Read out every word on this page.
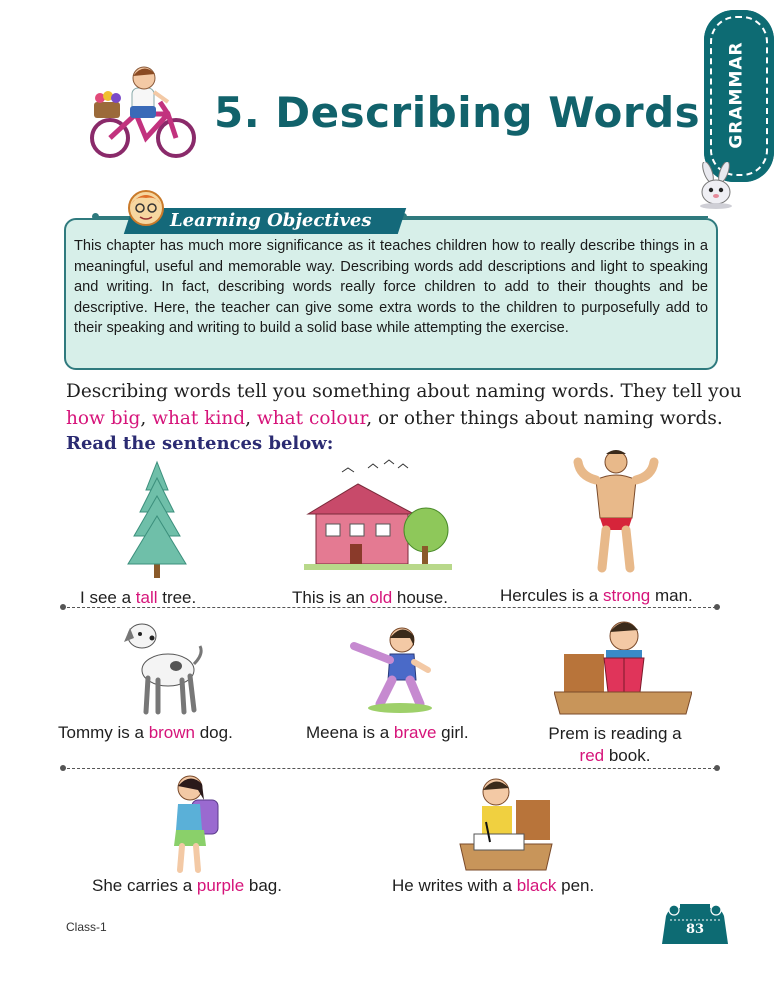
GRAMMAR
5. Describing Words
This chapter has much more significance as it teaches children how to really describe things in a meaningful, useful and memorable way. Describing words add descriptions and light to speaking and writing. In fact, describing words really force children to add to their thoughts and be descriptive. Here, the teacher can give some extra words to the children to purposefully add to their speaking and writing to build a solid base while attempting the exercise.
Learning Objectives
Describing words tell you something about naming words. They tell you
how big, what kind, what colour, or other things about naming words.
Read the sentences below:
I see a tall tree.	This is an old house.	Hercules is a strong man.
Tommy is a brown dog.	Meena is a brave girl.	Prem is reading a
red book.
She carries a purple bag.	He writes with a black pen.
Class-1	83
